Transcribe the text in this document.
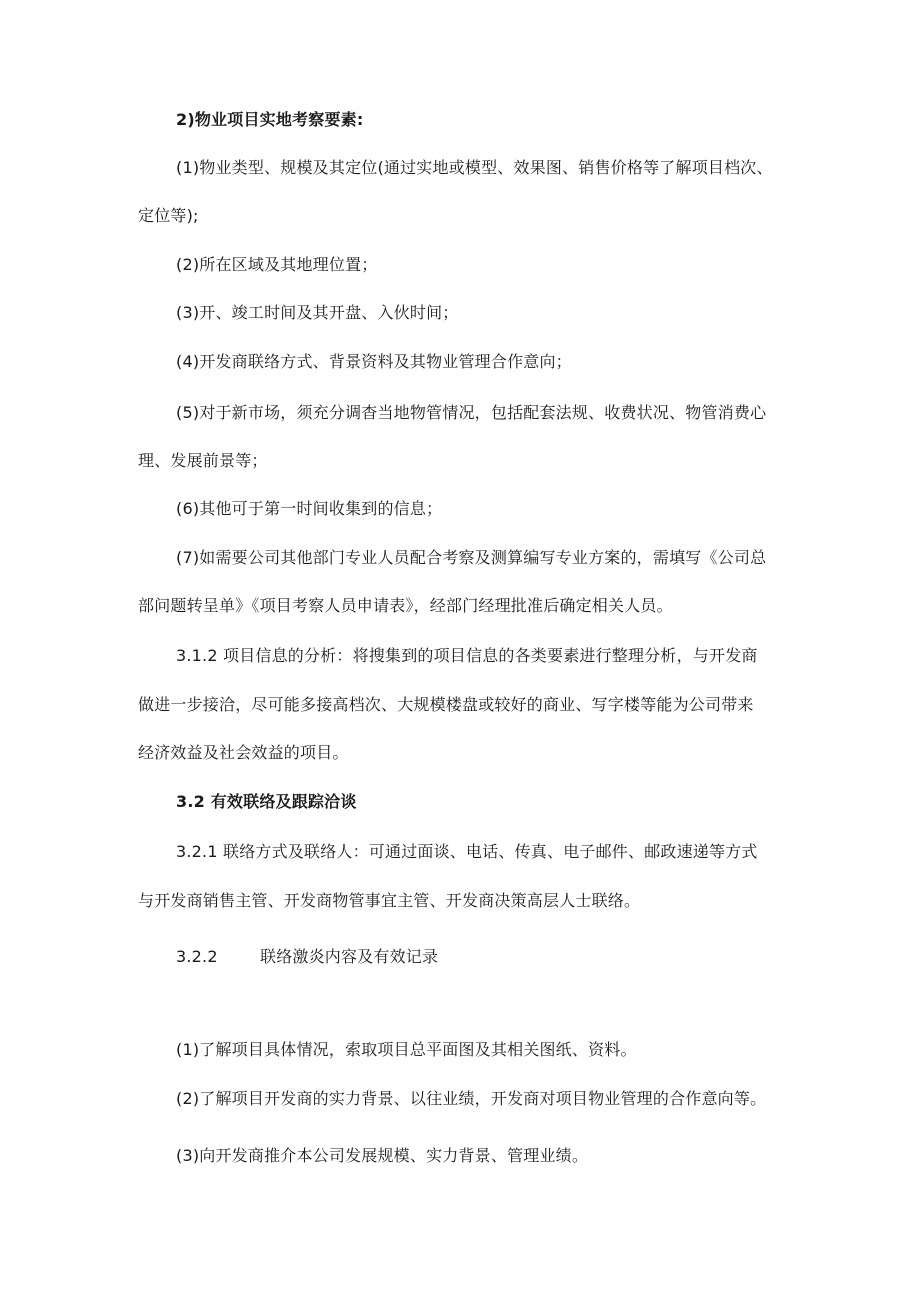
2)物业项目实地考察要素:
(1)物业类型、规模及其定位(通过实地或模型、效果图、销售价格等了解项目档次、
定位等);
(2)所在区域及其地理位置；
(3)开、竣工时间及其开盘、入伙时间；
(4)开发商联络方式、背景资料及其物业管理合作意向；
(5)对于新市场，须充分调杳当地物管情况，包括配套法规、收费状况、物管消费心
理、发展前景等；
(6)其他可于第一时间收集到的信息；
(7)如需要公司其他部门专业人员配合考察及测算编写专业方案的，需填写《公司总
部问题转呈单》《项目考察人员申请表》，经部门经理批准后确定相关人员。
3.1.2 项目信息的分析：将搜集到的项目信息的各类要素进行整理分析，与开发商
做进一步接洽，尽可能多接高档次、大规模楼盘或较好的商业、写字楼等能为公司带来
经济效益及社会效益的项目。
3.2 有效联络及跟踪洽谈
3.2.1 联络方式及联络人：可通过面谈、电话、传真、电子邮件、邮政速递等方式
与开发商销售主管、开发商物管事宜主管、开发商决策高层人士联络。
3.2.2	联络激炎内容及有效记录
(1)了解项目具体情况，索取项目总平面图及其相关图纸、资料。
(2)了解项目开发商的实力背景、以往业绩，开发商对项目物业管理的合作意向等。
(3)向开发商推介本公司发展规模、实力背景、管理业绩。
